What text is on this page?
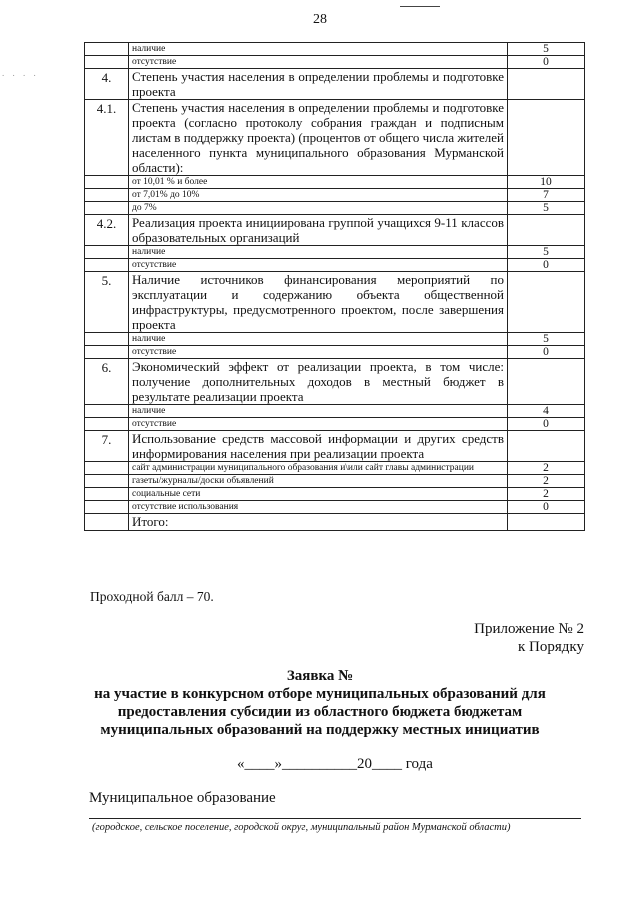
. . . .
28
	наличие	5
	отсутствие	0
4.	Степень участия населения в определении проблемы и подготовке проекта	
4.1.	Степень участия населения в определении проблемы и подготовке проекта (согласно протоколу собрания граждан и подписным листам в поддержку проекта) (процентов от общего числа жителей населенного пункта муниципального образования Мурманской области):	
	от 10,01 % и более	10
	от 7,01% до 10%	7
	до 7%	5
4.2.	Реализация проекта инициирована группой учащихся 9-11 классов образовательных организаций	
	наличие	5
	отсутствие	0
5.	Наличие источников финансирования мероприятий по эксплуатации и содержанию объекта общественной инфраструктуры, предусмотренного проектом, после завершения проекта	
	наличие	5
	отсутствие	0
6.	Экономический эффект от реализации проекта, в том числе: получение дополнительных доходов в местный бюджет в результате реализации проекта	
	наличие	4
	отсутствие	0
7.	Использование средств массовой информации и других средств информирования населения при реализации проекта	
	сайт администрации муниципального образования и\или сайт главы администрации	2
	газеты/журналы/доски объявлений	2
	социальные сети	2
	отсутствие использования	0
	Итого:	
Проходной балл – 70.
Приложение № 2
к Порядку
Заявка №
на участие в конкурсном отборе муниципальных образований для
предоставления субсидии из областного бюджета бюджетам
муниципальных образований на поддержку местных инициатив
«____»__________20____ года
Муниципальное образование
(городское, сельское поселение, городской округ, муниципальный район Мурманской области)
